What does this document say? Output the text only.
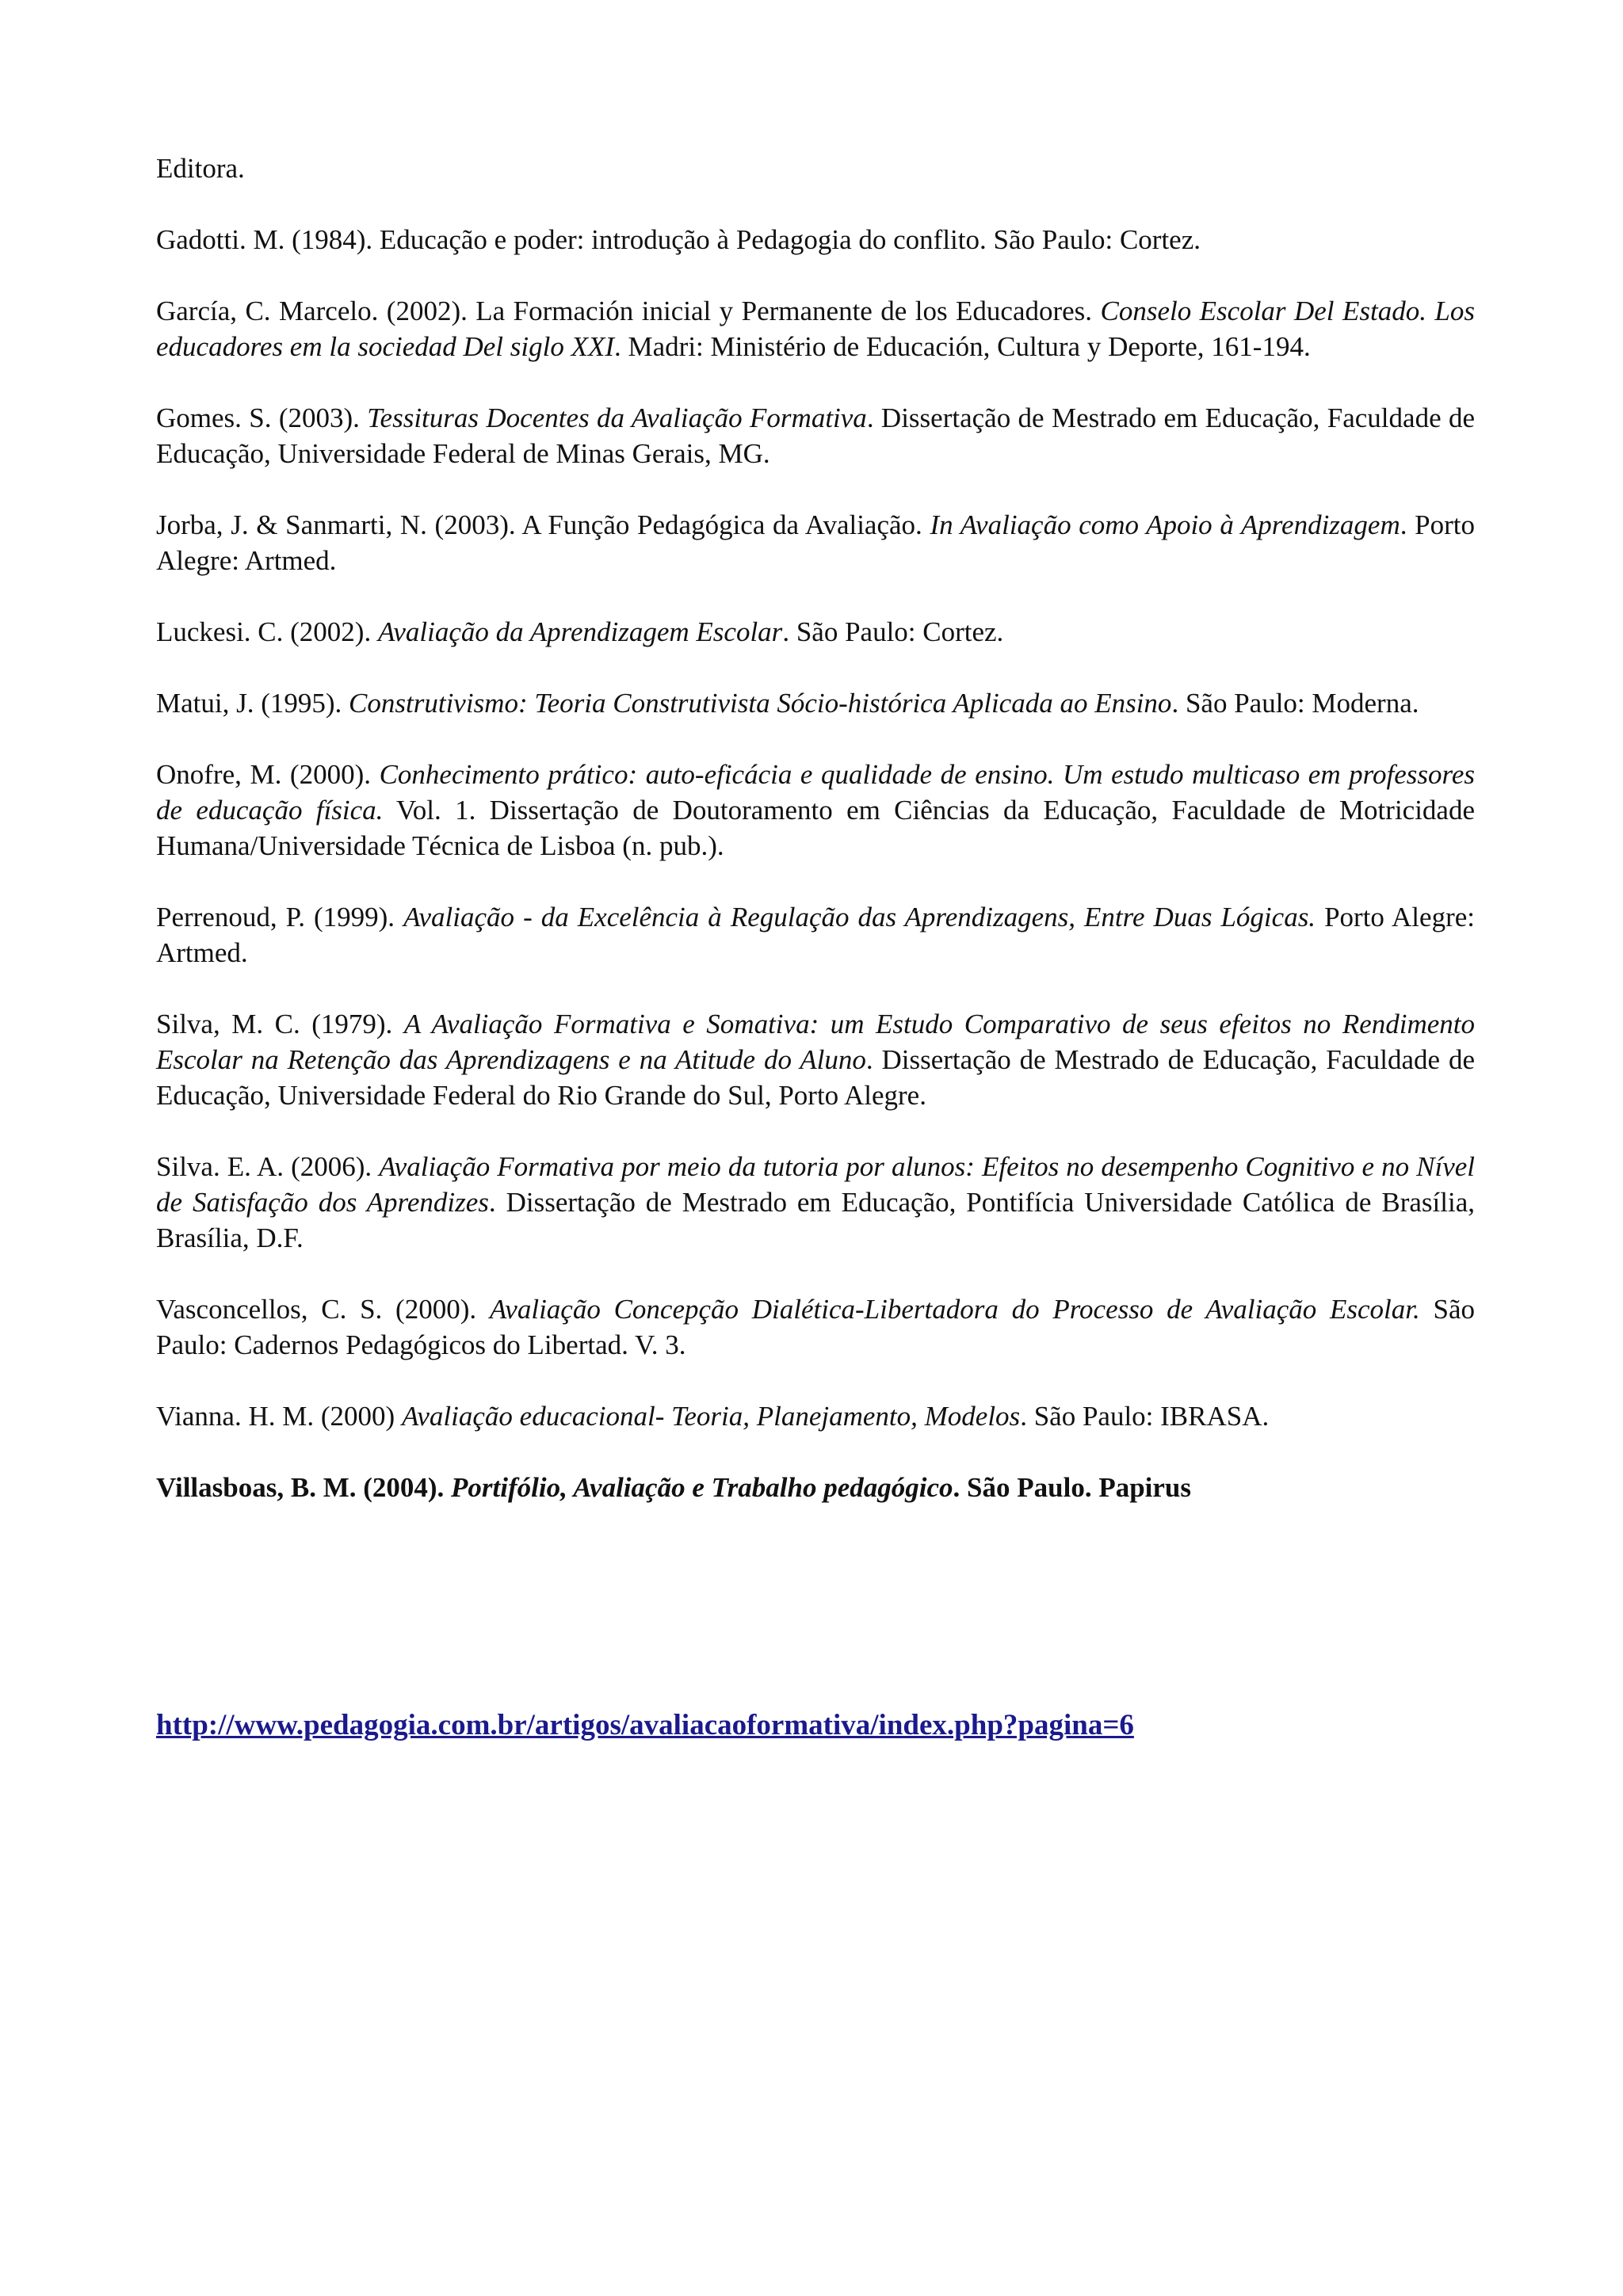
Editora.

Gadotti. M. (1984). Educação e poder: introdução à Pedagogia do conflito. São Paulo: Cortez.

García, C. Marcelo. (2002). La Formación inicial y Permanente de los Educadores. Conselo Escolar Del Estado. Los educadores em la sociedad Del siglo XXI. Madri: Ministério de Educación, Cultura y Deporte, 161-194.

Gomes. S. (2003). Tessituras Docentes da Avaliação Formativa. Dissertação de Mestrado em Educação, Faculdade de Educação, Universidade Federal de Minas Gerais, MG.

Jorba, J. & Sanmarti, N. (2003). A Função Pedagógica da Avaliação. In Avaliação como Apoio à Aprendizagem. Porto Alegre: Artmed.

Luckesi. C. (2002). Avaliação da Aprendizagem Escolar. São Paulo: Cortez.

Matui, J. (1995). Construtivismo: Teoria Construtivista Sócio-histórica Aplicada ao Ensino. São Paulo: Moderna.

Onofre, M. (2000). Conhecimento prático: auto-eficácia e qualidade de ensino. Um estudo multicaso em professores de educação física. Vol. 1. Dissertação de Doutoramento em Ciências da Educação, Faculdade de Motricidade Humana/Universidade Técnica de Lisboa (n. pub.).

Perrenoud, P. (1999). Avaliação - da Excelência à Regulação das Aprendizagens, Entre Duas Lógicas. Porto Alegre: Artmed.

Silva, M. C. (1979). A Avaliação Formativa e Somativa: um Estudo Comparativo de seus efeitos no Rendimento Escolar na Retenção das Aprendizagens e na Atitude do Aluno. Dissertação de Mestrado de Educação, Faculdade de Educação, Universidade Federal do Rio Grande do Sul, Porto Alegre.

Silva. E. A. (2006). Avaliação Formativa por meio da tutoria por alunos: Efeitos no desempenho Cognitivo e no Nível de Satisfação dos Aprendizes. Dissertação de Mestrado em Educação, Pontifícia Universidade Católica de Brasília, Brasília, D.F.

Vasconcellos, C. S. (2000). Avaliação Concepção Dialética-Libertadora do Processo de Avaliação Escolar. São Paulo: Cadernos Pedagógicos do Libertad. V. 3.

Vianna. H. M. (2000) Avaliação educacional- Teoria, Planejamento, Modelos. São Paulo: IBRASA.

Villasboas, B. M. (2004). Portifólio, Avaliação e Trabalho pedagógico. São Paulo. Papirus

http://www.pedagogia.com.br/artigos/avaliacaoformativa/index.php?pagina=6
